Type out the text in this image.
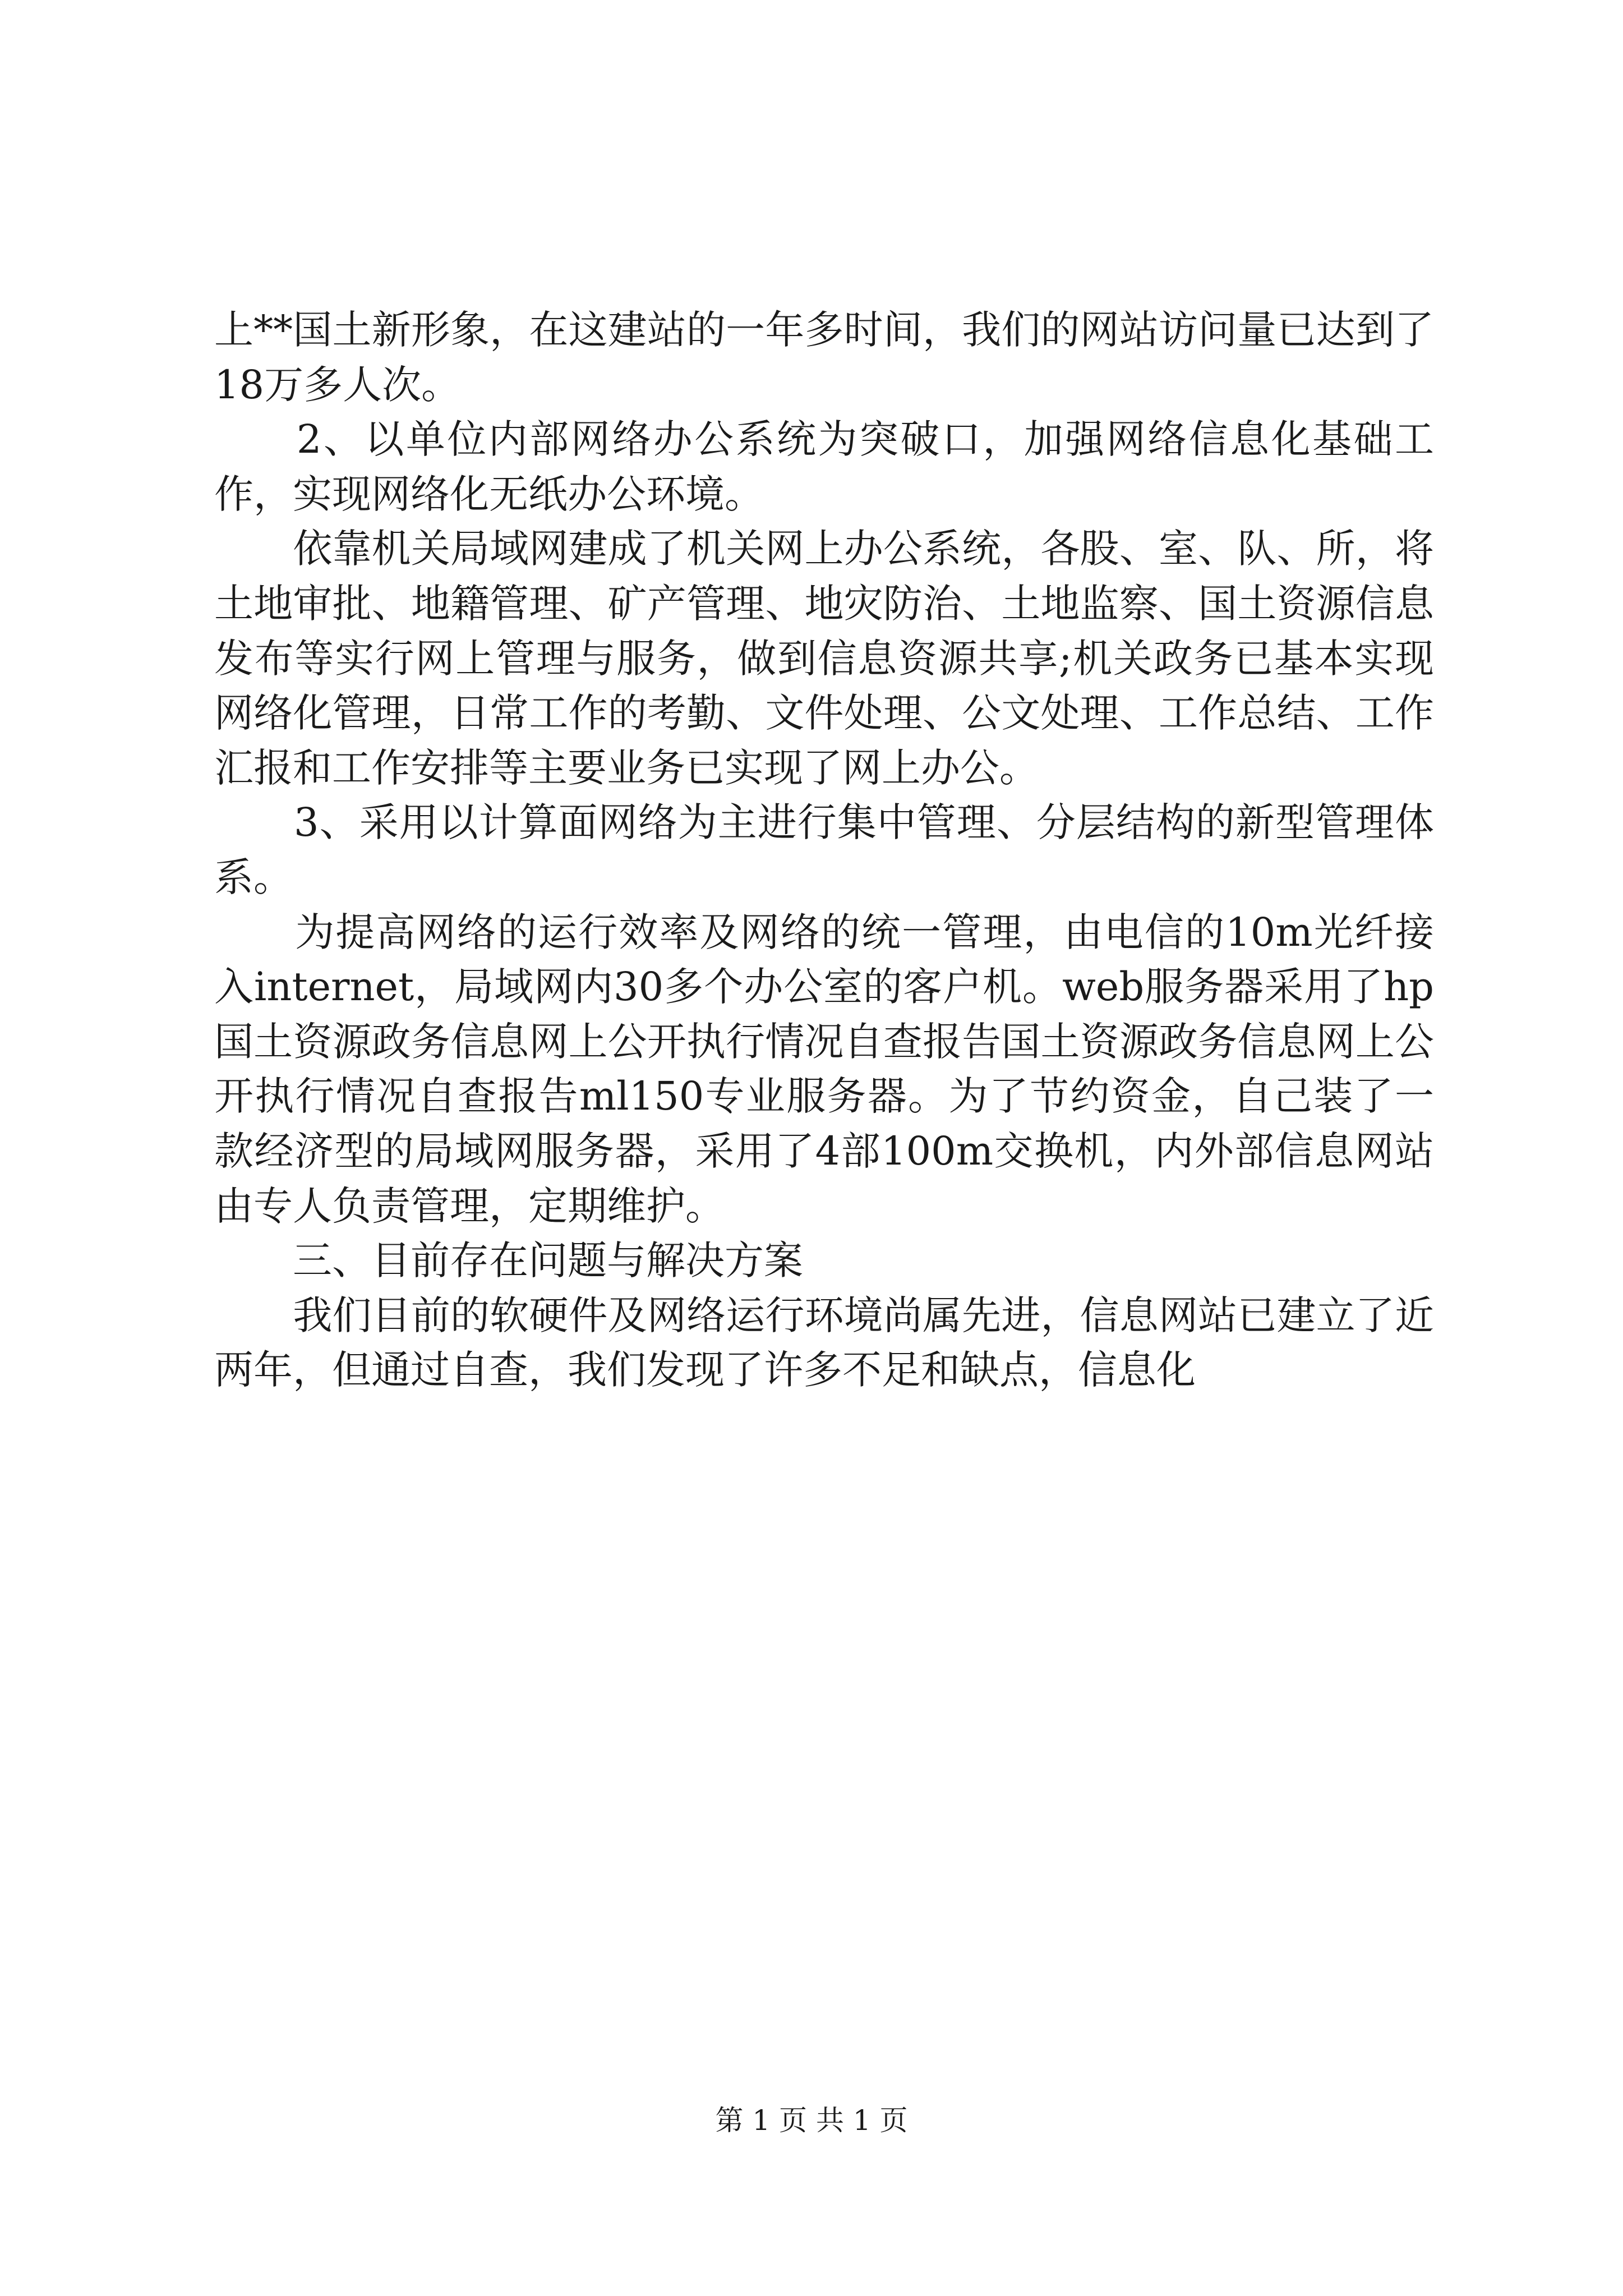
上**国土新形象，在这建站的一年多时间，我们的网站访问量已达到了18万多人次。

　　2、以单位内部网络办公系统为突破口，加强网络信息化基础工作，实现网络化无纸办公环境。

　　依靠机关局域网建成了机关网上办公系统，各股、室、队、所，将土地审批、地籍管理、矿产管理、地灾防治、土地监察、国土资源信息发布等实行网上管理与服务，做到信息资源共享;机关政务已基本实现网络化管理，日常工作的考勤、文件处理、公文处理、工作总结、工作汇报和工作安排等主要业务已实现了网上办公。

　　3、采用以计算面网络为主进行集中管理、分层结构的新型管理体系。

　　为提高网络的运行效率及网络的统一管理，由电信的10m光纤接入internet，局域网内30多个办公室的客户机。web服务器采用了hp国土资源政务信息网上公开执行情况自查报告国土资源政务信息网上公开执行情况自查报告ml150专业服务器。为了节约资金，自己装了一款经济型的局域网服务器，采用了4部100m交换机，内外部信息网站由专人负责管理，定期维护。

　　三、目前存在问题与解决方案

　　我们目前的软硬件及网络运行环境尚属先进，信息网站已建立了近两年，但通过自查，我们发现了许多不足和缺点，信息化

第 1 页 共 1 页
